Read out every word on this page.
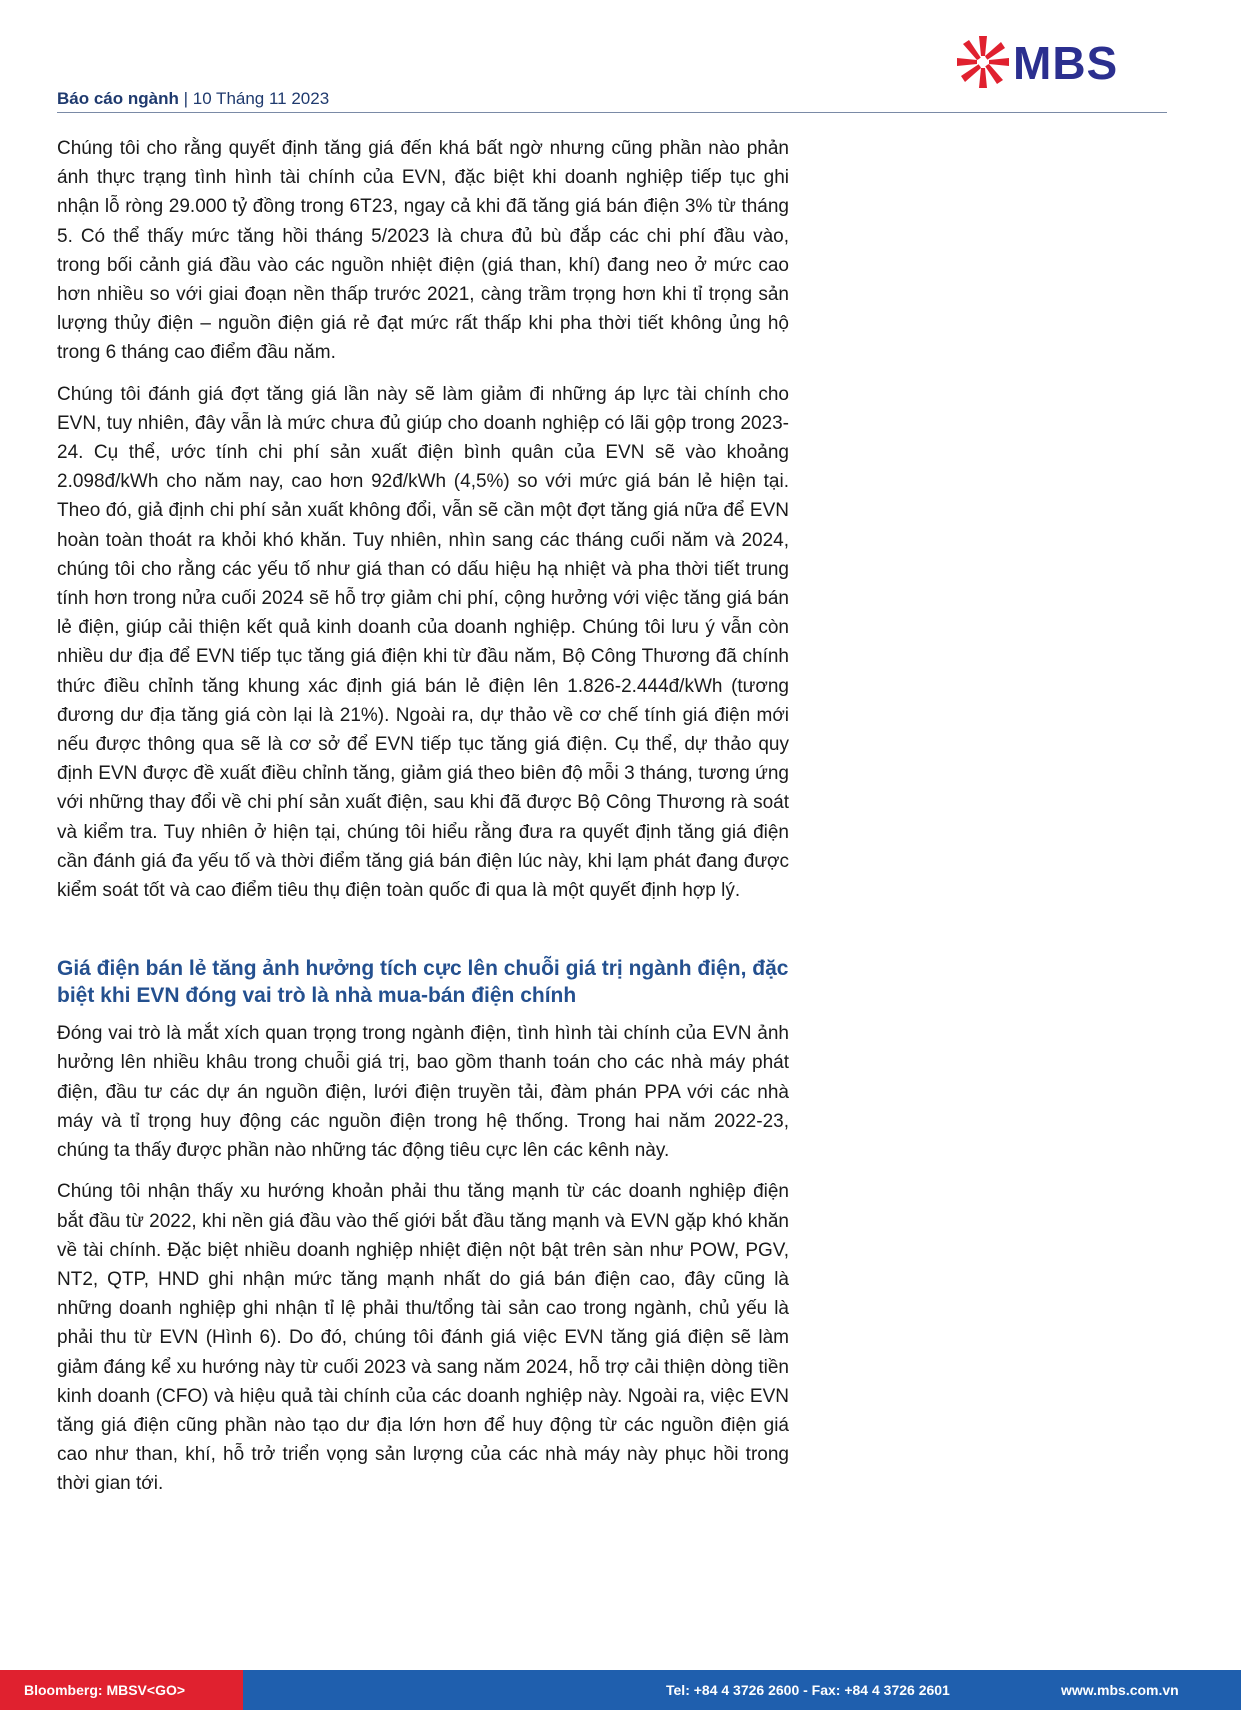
Báo cáo ngành | 10 Tháng 11 2023
MBS

Chúng tôi cho rằng quyết định tăng giá đến khá bất ngờ nhưng cũng phần nào phản ánh thực trạng tình hình tài chính của EVN, đặc biệt khi doanh nghiệp tiếp tục ghi nhận lỗ ròng 29.000 tỷ đồng trong 6T23, ngay cả khi đã tăng giá bán điện 3% từ tháng 5. Có thể thấy mức tăng hồi tháng 5/2023 là chưa đủ bù đắp các chi phí đầu vào, trong bối cảnh giá đầu vào các nguồn nhiệt điện (giá than, khí) đang neo ở mức cao hơn nhiều so với giai đoạn nền thấp trước 2021, càng trầm trọng hơn khi tỉ trọng sản lượng thủy điện – nguồn điện giá rẻ đạt mức rất thấp khi pha thời tiết không ủng hộ trong 6 tháng cao điểm đầu năm.

Chúng tôi đánh giá đợt tăng giá lần này sẽ làm giảm đi những áp lực tài chính cho EVN, tuy nhiên, đây vẫn là mức chưa đủ giúp cho doanh nghiệp có lãi gộp trong 2023-24. Cụ thể, ước tính chi phí sản xuất điện bình quân của EVN sẽ vào khoảng 2.098đ/kWh cho năm nay, cao hơn 92đ/kWh (4,5%) so với mức giá bán lẻ hiện tại. Theo đó, giả định chi phí sản xuất không đổi, vẫn sẽ cần một đợt tăng giá nữa để EVN hoàn toàn thoát ra khỏi khó khăn. Tuy nhiên, nhìn sang các tháng cuối năm và 2024, chúng tôi cho rằng các yếu tố như giá than có dấu hiệu hạ nhiệt và pha thời tiết trung tính hơn trong nửa cuối 2024 sẽ hỗ trợ giảm chi phí, cộng hưởng với việc tăng giá bán lẻ điện, giúp cải thiện kết quả kinh doanh của doanh nghiệp. Chúng tôi lưu ý vẫn còn nhiều dư địa để EVN tiếp tục tăng giá điện khi từ đầu năm, Bộ Công Thương đã chính thức điều chỉnh tăng khung xác định giá bán lẻ điện lên 1.826-2.444đ/kWh (tương đương dư địa tăng giá còn lại là 21%). Ngoài ra, dự thảo về cơ chế tính giá điện mới nếu được thông qua sẽ là cơ sở để EVN tiếp tục tăng giá điện. Cụ thể, dự thảo quy định EVN được đề xuất điều chỉnh tăng, giảm giá theo biên độ mỗi 3 tháng, tương ứng với những thay đổi về chi phí sản xuất điện, sau khi đã được Bộ Công Thương rà soát và kiểm tra. Tuy nhiên ở hiện tại, chúng tôi hiểu rằng đưa ra quyết định tăng giá điện cần đánh giá đa yếu tố và thời điểm tăng giá bán điện lúc này, khi lạm phát đang được kiểm soát tốt và cao điểm tiêu thụ điện toàn quốc đi qua là một quyết định hợp lý.

Giá điện bán lẻ tăng ảnh hưởng tích cực lên chuỗi giá trị ngành điện, đặc biệt khi EVN đóng vai trò là nhà mua-bán điện chính

Đóng vai trò là mắt xích quan trọng trong ngành điện, tình hình tài chính của EVN ảnh hưởng lên nhiều khâu trong chuỗi giá trị, bao gồm thanh toán cho các nhà máy phát điện, đầu tư các dự án nguồn điện, lưới điện truyền tải, đàm phán PPA với các nhà máy và tỉ trọng huy động các nguồn điện trong hệ thống. Trong hai năm 2022-23, chúng ta thấy được phần nào những tác động tiêu cực lên các kênh này.

Chúng tôi nhận thấy xu hướng khoản phải thu tăng mạnh từ các doanh nghiệp điện bắt đầu từ 2022, khi nền giá đầu vào thế giới bắt đầu tăng mạnh và EVN gặp khó khăn về tài chính. Đặc biệt nhiều doanh nghiệp nhiệt điện nột bật trên sàn như POW, PGV, NT2, QTP, HND ghi nhận mức tăng mạnh nhất do giá bán điện cao, đây cũng là những doanh nghiệp ghi nhận tỉ lệ phải thu/tổng tài sản cao trong ngành, chủ yếu là phải thu từ EVN (Hình 6). Do đó, chúng tôi đánh giá việc EVN tăng giá điện sẽ làm giảm đáng kể xu hướng này từ cuối 2023 và sang năm 2024, hỗ trợ cải thiện dòng tiền kinh doanh (CFO) và hiệu quả tài chính của các doanh nghiệp này. Ngoài ra, việc EVN tăng giá điện cũng phần nào tạo dư địa lớn hơn để huy động từ các nguồn điện giá cao như than, khí, hỗ trở triển vọng sản lượng của các nhà máy này phục hồi trong thời gian tới.

Bloomberg: MBSV<GO>	Tel: +84 4 3726 2600 - Fax: +84 4 3726 2601	www.mbs.com.vn
